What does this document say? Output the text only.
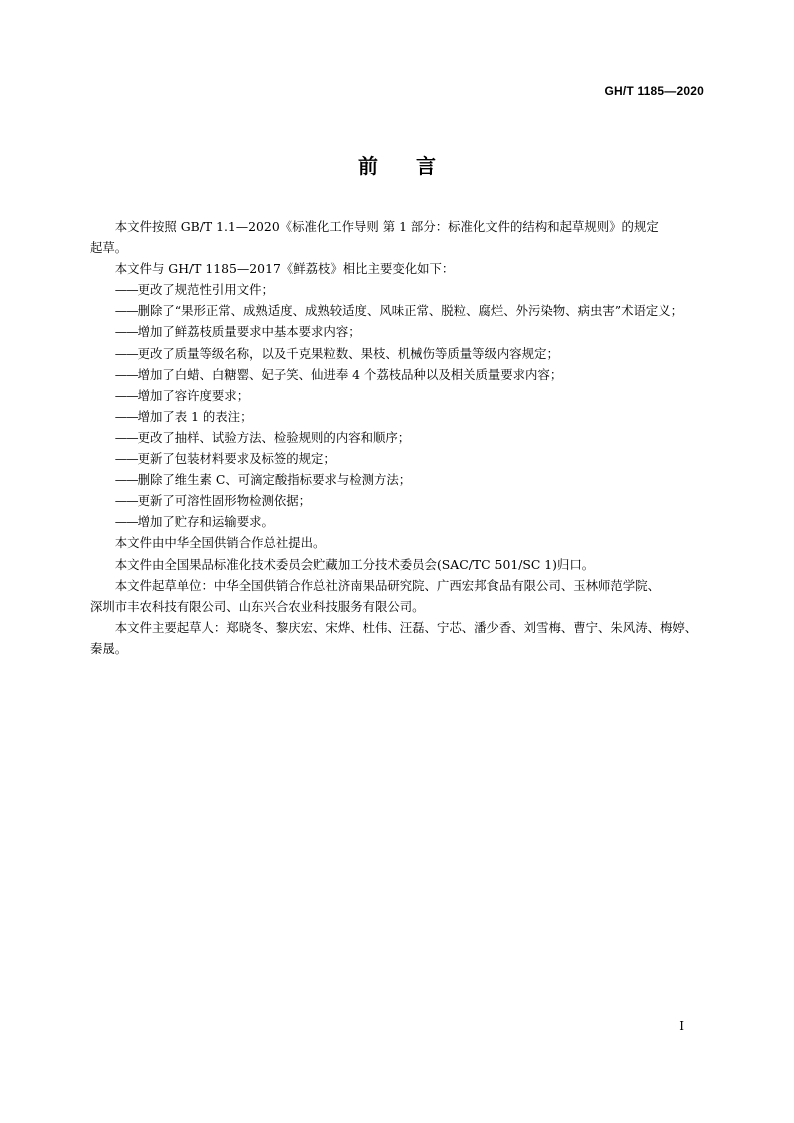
GH/T 1185—2020
前言

本文件按照 GB/T 1.1—2020《标准化工作导则 第 1 部分：标准化文件的结构和起草规则》的规定
起草。

本文件与 GH/T 1185—2017《鲜荔枝》相比主要变化如下：

——更改了规范性引用文件；
——删除了“果形正常、成熟适度、成熟较适度、风味正常、脱粒、腐烂、外污染物、病虫害”术语定义；
——增加了鲜荔枝质量要求中基本要求内容；
——更改了质量等级名称，以及千克果粒数、果枝、机械伤等质量等级内容规定；
——增加了白蜡、白糖罂、妃子笑、仙进奉 4 个荔枝品种以及相关质量要求内容；
——增加了容许度要求；
——增加了表 1 的表注；
——更改了抽样、试验方法、检验规则的内容和顺序；
——更新了包装材料要求及标签的规定；
——删除了维生素 C、可滴定酸指标要求与检测方法；
——更新了可溶性固形物检测依据；
——增加了贮存和运输要求。

本文件由中华全国供销合作总社提出。

本文件由全国果品标准化技术委员会贮藏加工分技术委员会(SAC/TC 501/SC 1)归口。

本文件起草单位：中华全国供销合作总社济南果品研究院、广西宏邦食品有限公司、玉林师范学院、
深圳市丰农科技有限公司、山东兴合农业科技服务有限公司。

本文件主要起草人：郑晓冬、黎庆宏、宋烨、杜伟、汪磊、宁芯、潘少香、刘雪梅、曹宁、朱风涛、梅婷、
秦晟。

I
